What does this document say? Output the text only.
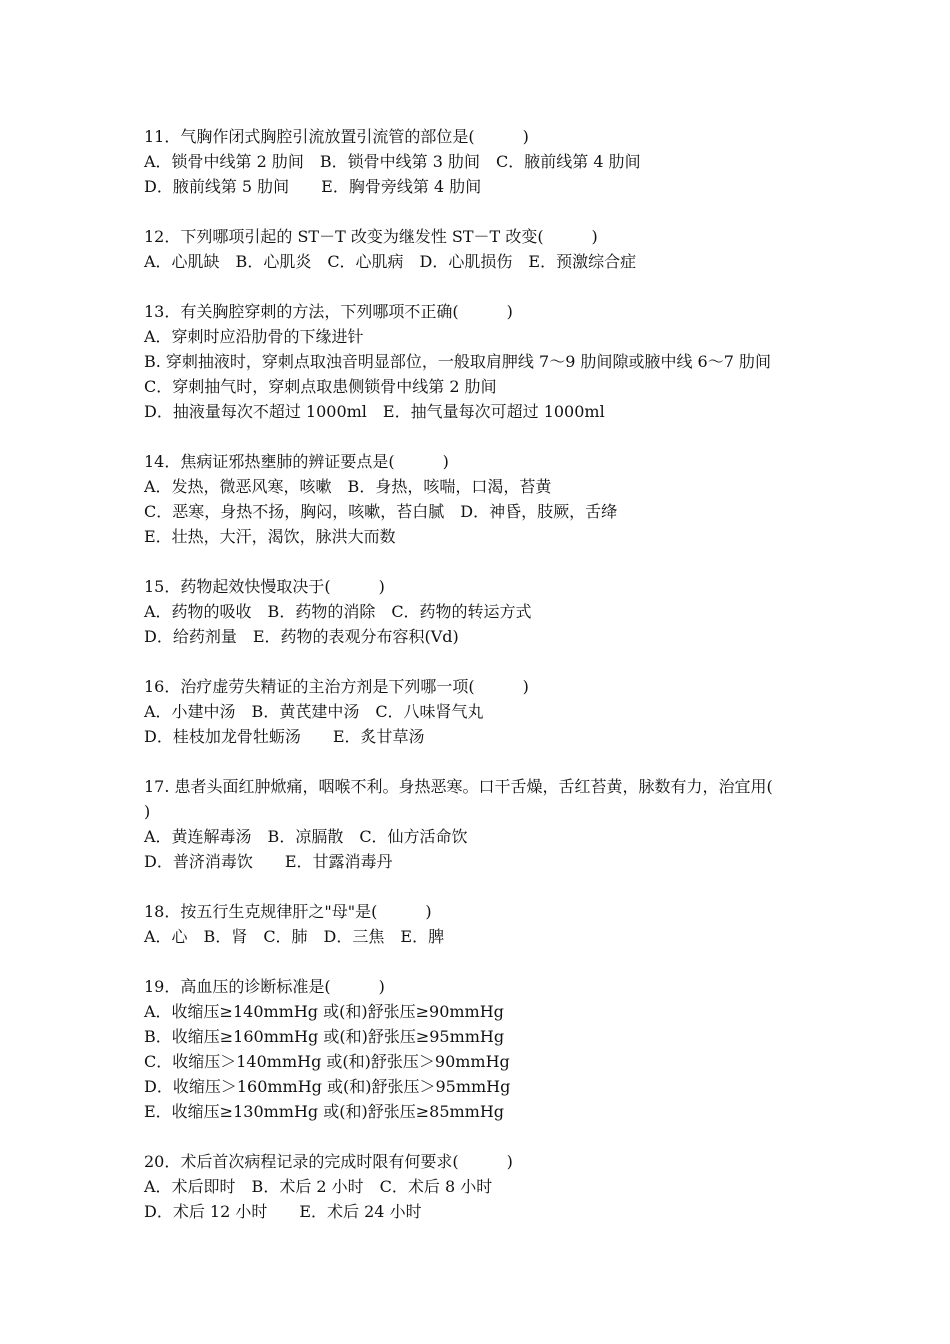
11．气胸作闭式胸腔引流放置引流管的部位是(　　　)
A．锁骨中线第 2 肋间　B．锁骨中线第 3 肋间　C．腋前线第 4 肋间
D．腋前线第 5 肋间　　E．胸骨旁线第 4 肋间
12．下列哪项引起的 ST－T 改变为继发性 ST－T 改变(　　　)
A．心肌缺　B．心肌炎　C．心肌病　D．心肌损伤　E．预激综合症
13．有关胸腔穿刺的方法，下列哪项不正确(　　　)
A．穿刺时应沿肋骨的下缘进针
B. 穿刺抽液时，穿刺点取浊音明显部位，一般取肩胛线 7～9 肋间隙或腋中线 6～7 肋间
C．穿刺抽气时，穿刺点取患侧锁骨中线第 2 肋间
D．抽液量每次不超过 1000ml　E．抽气量每次可超过 1000ml
14．焦病证邪热壅肺的辨证要点是(　　　)
A．发热，微恶风寒，咳嗽　B．身热，咳喘，口渴，苔黄
C．恶寒，身热不扬，胸闷，咳嗽，苔白腻　D．神昏，肢厥，舌绛
E．壮热，大汗，渴饮，脉洪大而数
15．药物起效快慢取决于(　　　)
A．药物的吸收　B．药物的消除　C．药物的转运方式
D．给药剂量　E．药物的表观分布容积(Vd)
16．治疗虚劳失精证的主治方剂是下列哪一项(　　　)
A．小建中汤　B．黄芪建中汤　C．八味肾气丸
D．桂枝加龙骨牡蛎汤　　E．炙甘草汤
17. 患者头面红肿焮痛，咽喉不利。身热恶寒。口干舌燥，舌红苔黄，脉数有力，治宜用(
)
A．黄连解毒汤　B．凉膈散　C．仙方活命饮
D．普济消毒饮　　E．甘露消毒丹
18．按五行生克规律肝之"母"是(　　　)
A．心　B．肾　C．肺　D．三焦　E．脾
19．高血压的诊断标准是(　　　)
A．收缩压≥140mmHg 或(和)舒张压≥90mmHg
B．收缩压≥160mmHg 或(和)舒张压≥95mmHg
C．收缩压＞140mmHg 或(和)舒张压＞90mmHg
D．收缩压＞160mmHg 或(和)舒张压＞95mmHg
E．收缩压≥130mmHg 或(和)舒张压≥85mmHg
20．术后首次病程记录的完成时限有何要求(　　　)
A．术后即时　B．术后 2 小时　C．术后 8 小时
D．术后 12 小时　　E．术后 24 小时
